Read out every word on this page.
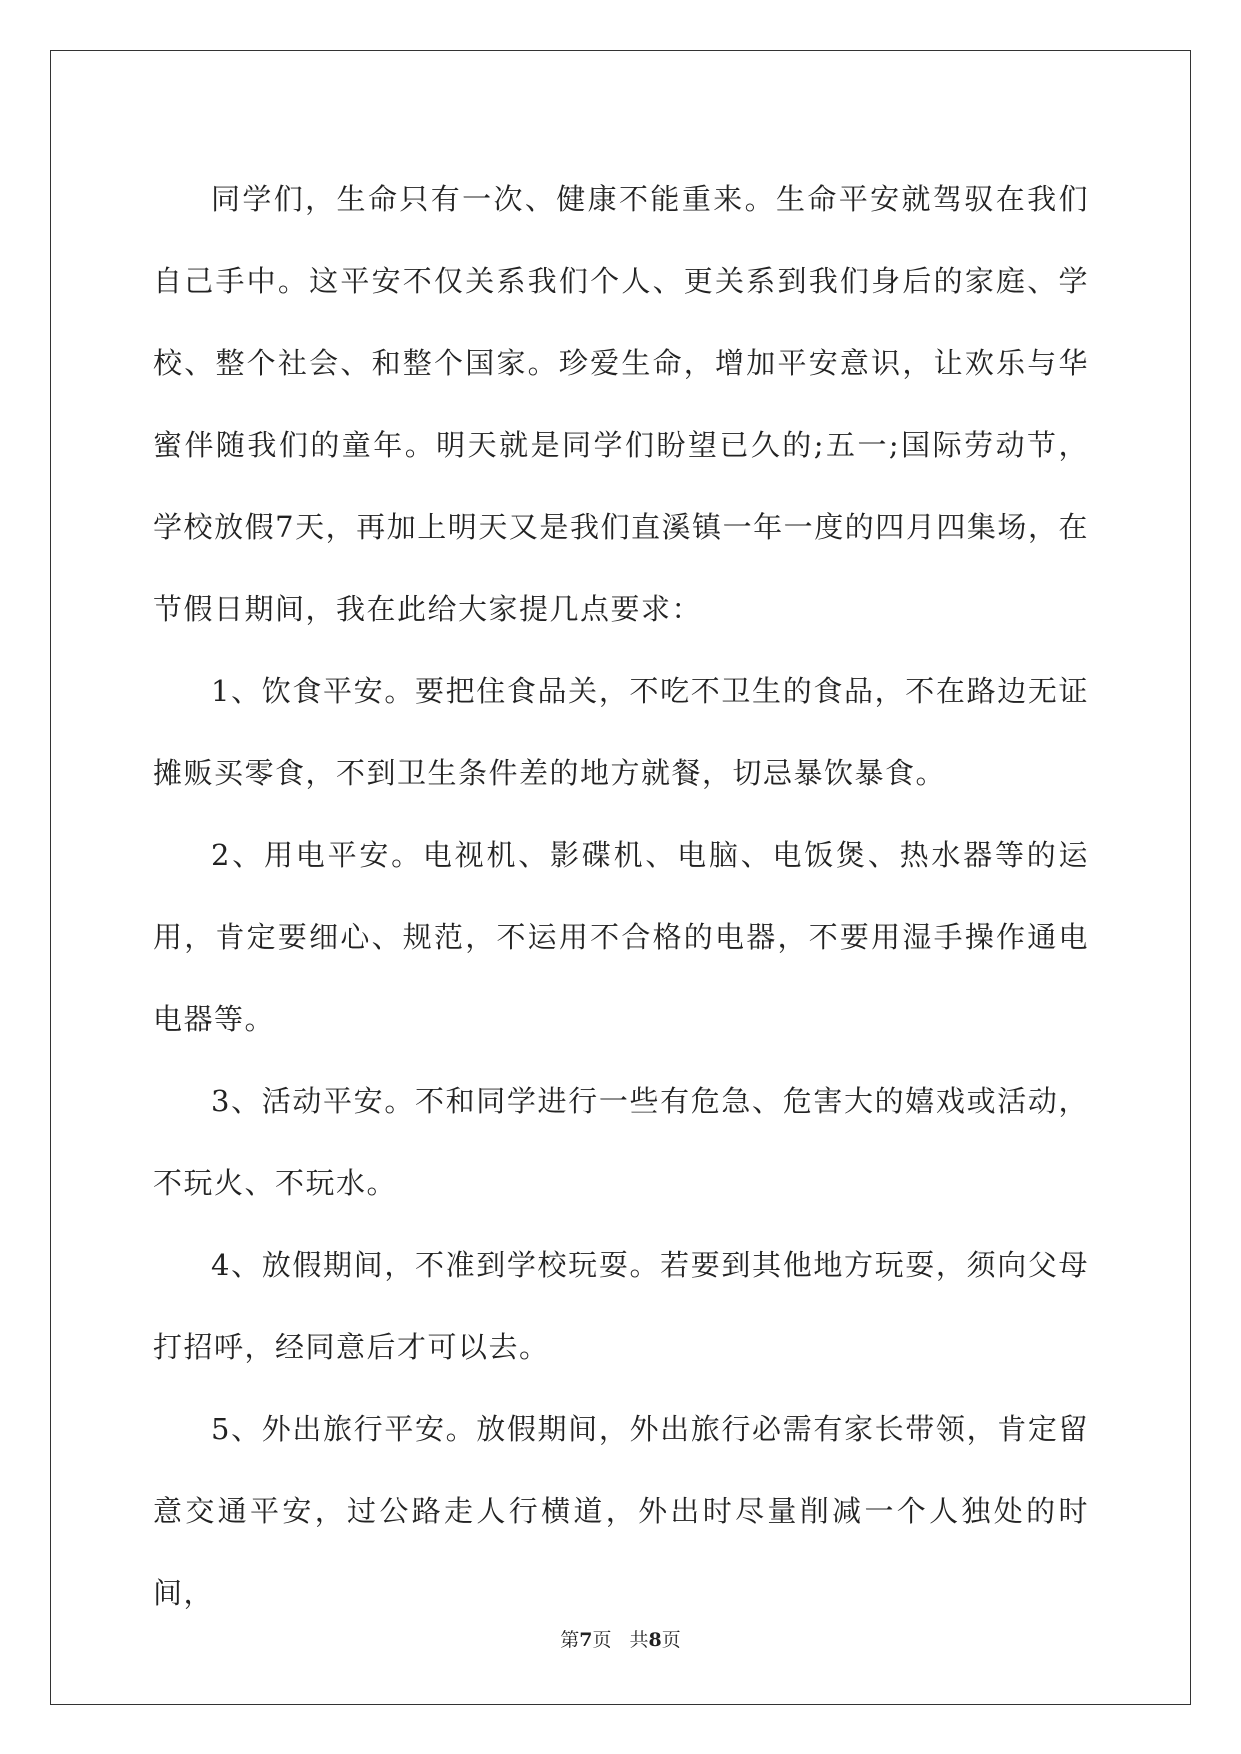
同学们，生命只有一次、健康不能重来。生命平安就驾驭在我们自己手中。这平安不仅关系我们个人、更关系到我们身后的家庭、学校、整个社会、和整个国家。珍爱生命，增加平安意识，让欢乐与华蜜伴随我们的童年。明天就是同学们盼望已久的;五一;国际劳动节，学校放假7天，再加上明天又是我们直溪镇一年一度的四月四集场，在节假日期间，我在此给大家提几点要求：

1、饮食平安。要把住食品关，不吃不卫生的食品，不在路边无证摊贩买零食，不到卫生条件差的地方就餐，切忌暴饮暴食。

2、用电平安。电视机、影碟机、电脑、电饭煲、热水器等的运用，肯定要细心、规范，不运用不合格的电器，不要用湿手操作通电电器等。

3、活动平安。不和同学进行一些有危急、危害大的嬉戏或活动，不玩火、不玩水。

4、放假期间，不准到学校玩耍。若要到其他地方玩耍，须向父母打招呼，经同意后才可以去。

5、外出旅行平安。放假期间，外出旅行必需有家长带领，肯定留意交通平安，过公路走人行横道，外出时尽量削减一个人独处的时间，

第7页 共8页
